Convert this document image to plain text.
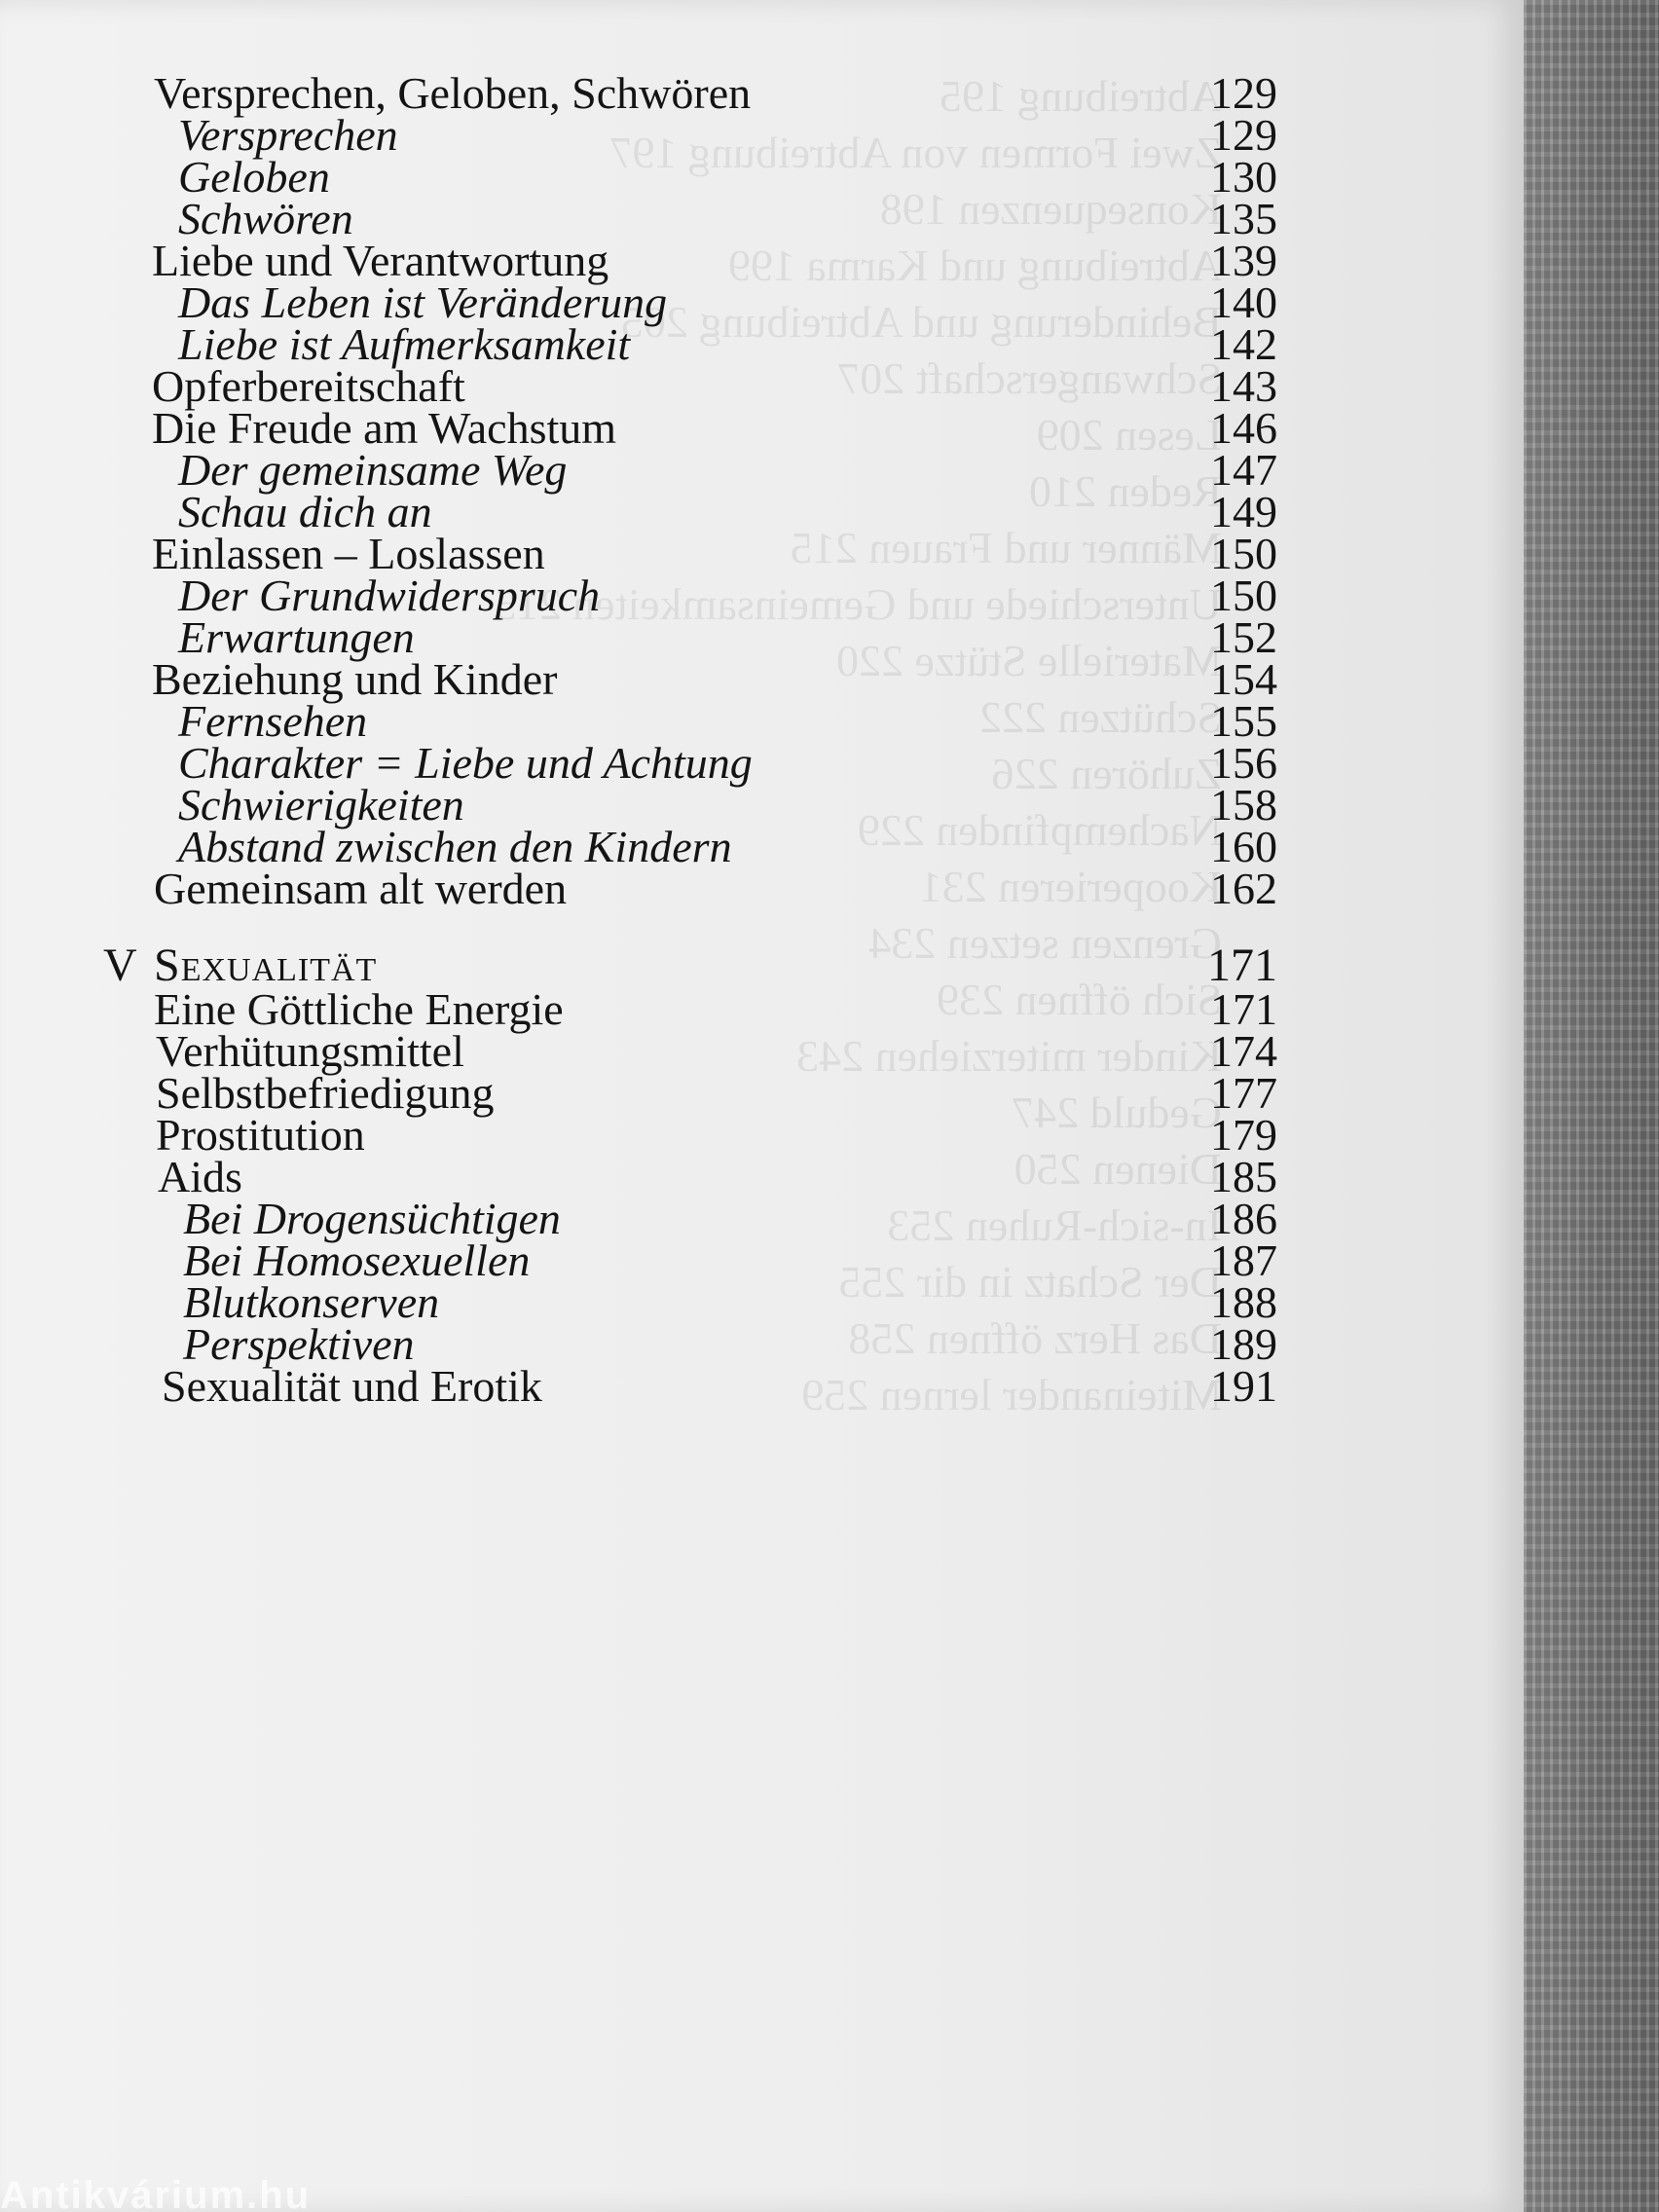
Abtreibung 195
Zwei Formen von Abtreibung 197
Konsequenzen 198
Abtreibung und Karma 199
Behinderung und Abtreibung 205
Schwangerschaft 207
Lesen 209
Reden 210
Männer und Frauen 215
Unterschiede und Gemeinsamkeiten 215
Materielle Stütze 220
Schützen 222
Zuhören 226
Nachempfinden 229
Kooperieren 231
Grenzen setzen 234
Sich öffnen 239
Kinder miterziehen 243
Geduld 247
Dienen 250
In-sich-Ruhen 253
Der Schatz in dir 255
Das Herz öffnen 258
Miteinander lernen 259
Versprechen, Geloben, Schwören	129
Versprechen	129
Geloben	130
Schwören	135
Liebe und Verantwortung	139
Das Leben ist Veränderung	140
Liebe ist Aufmerksamkeit	142
Opferbereitschaft	143
Die Freude am Wachstum	146
Der gemeinsame Weg	147
Schau dich an	149
Einlassen – Loslassen	150
Der Grundwiderspruch	150
Erwartungen	152
Beziehung und Kinder	154
Fernsehen	155
Charakter = Liebe und Achtung	156
Schwierigkeiten	158
Abstand zwischen den Kindern	160
Gemeinsam alt werden	162
V Sexualität	171
Eine Göttliche Energie	171
Verhütungsmittel	174
Selbstbefriedigung	177
Prostitution	179
Aids	185
Bei Drogensüchtigen	186
Bei Homosexuellen	187
Blutkonserven	188
Perspektiven	189
Sexualität und Erotik	191
Antikvárium.hu
